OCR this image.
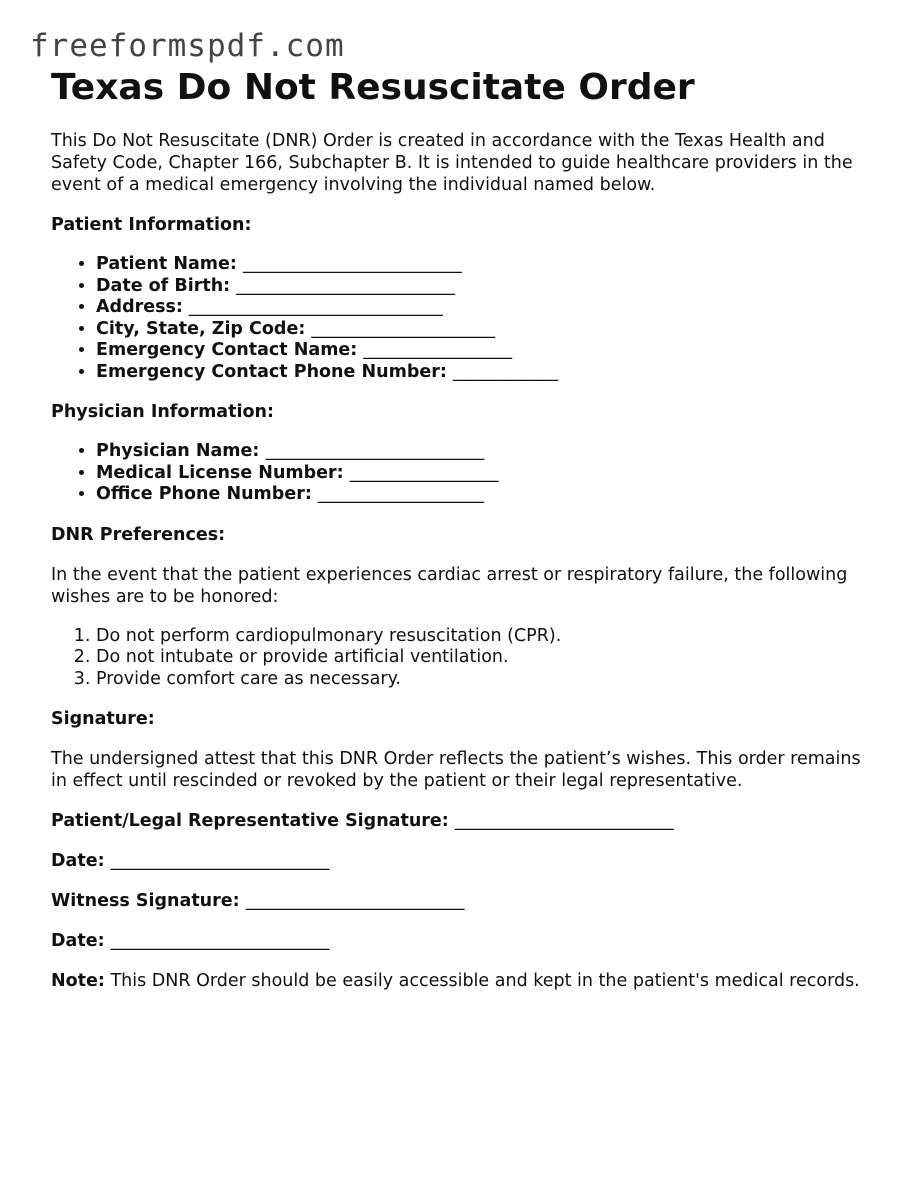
freeformspdf.com
Texas Do Not Resuscitate Order

This Do Not Resuscitate (DNR) Order is created in accordance with the Texas Health and Safety Code, Chapter 166, Subchapter B. It is intended to guide healthcare providers in the event of a medical emergency involving the individual named below.

Patient Information:

• Patient Name: _________________________
• Date of Birth: _________________________
• Address: _____________________________
• City, State, Zip Code: _____________________
• Emergency Contact Name: _________________
• Emergency Contact Phone Number: ____________

Physician Information:

• Physician Name: _________________________
• Medical License Number: _________________
• Office Phone Number: ___________________

DNR Preferences:

In the event that the patient experiences cardiac arrest or respiratory failure, the following wishes are to be honored:

1. Do not perform cardiopulmonary resuscitation (CPR).
2. Do not intubate or provide artificial ventilation.
3. Provide comfort care as necessary.

Signature:

The undersigned attest that this DNR Order reflects the patient’s wishes. This order remains in effect until rescinded or revoked by the patient or their legal representative.

Patient/Legal Representative Signature: _________________________

Date: _________________________

Witness Signature: _________________________

Date: _________________________

Note: This DNR Order should be easily accessible and kept in the patient's medical records.
